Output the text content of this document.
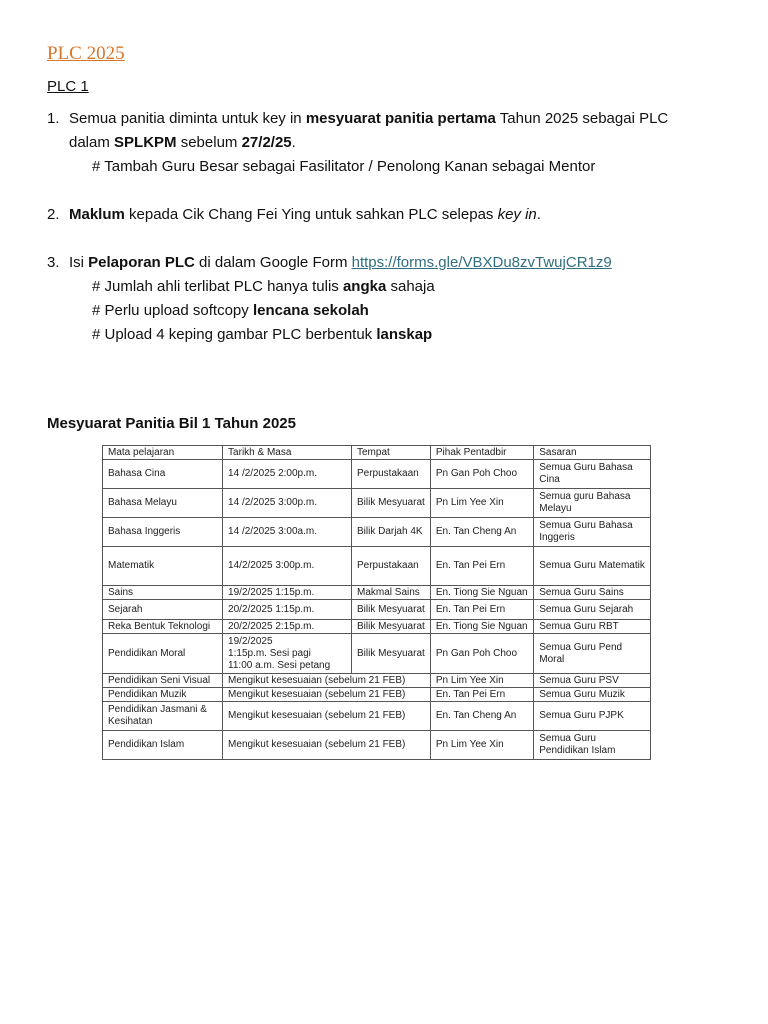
PLC 2025
PLC 1
1. Semua panitia diminta untuk key in mesyuarat panitia pertama Tahun 2025 sebagai PLC
dalam SPLKPM sebelum 27/2/25.
# Tambah Guru Besar sebagai Fasilitator / Penolong Kanan sebagai Mentor
2. Maklum kepada Cik Chang Fei Ying untuk sahkan PLC selepas key in.
3. Isi Pelaporan PLC di dalam Google Form https://forms.gle/VBXDu8zvTwujCR1z9
# Jumlah ahli terlibat PLC hanya tulis angka sahaja
# Perlu upload softcopy lencana sekolah
# Upload 4 keping gambar PLC berbentuk lanskap
Mesyuarat Panitia Bil 1 Tahun 2025
Mata pelajaran	Tarikh & Masa	Tempat	Pihak Pentadbir	Sasaran
Bahasa Cina	14 /2/2025 2:00p.m.	Perpustakaan	Pn Gan Poh Choo	Semua Guru Bahasa Cina
Bahasa Melayu	14 /2/2025 3:00p.m.	Bilik Mesyuarat	Pn Lim Yee Xin	Semua guru Bahasa Melayu
Bahasa Inggeris	14 /2/2025 3:00a.m.	Bilik Darjah 4K	En. Tan Cheng An	Semua Guru Bahasa Inggeris
Matematik	14/2/2025 3:00p.m.	Perpustakaan	En. Tan Pei Ern	Semua Guru Matematik
Sains	19/2/2025 1:15p.m.	Makmal Sains	En. Tiong Sie Nguan	Semua Guru Sains
Sejarah	20/2/2025 1:15p.m.	Bilik Mesyuarat	En. Tan Pei Ern	Semua Guru Sejarah
Reka Bentuk Teknologi	20/2/2025 2:15p.m.	Bilik Mesyuarat	En. Tiong Sie Nguan	Semua Guru RBT
Pendidikan Moral	19/2/2025
1:15p.m. Sesi pagi
11:00 a.m. Sesi petang	Bilik Mesyuarat	Pn Gan Poh Choo	Semua Guru Pend Moral
Pendidikan Seni Visual	Mengikut kesesuaian (sebelum 21 FEB)		Pn Lim Yee Xin	Semua Guru PSV
Pendidikan Muzik	Mengikut kesesuaian (sebelum 21 FEB)		En. Tan Pei Ern	Semua Guru Muzik
Pendidikan Jasmani & Kesihatan	Mengikut kesesuaian (sebelum 21 FEB)		En. Tan Cheng An	Semua Guru PJPK
Pendidikan Islam	Mengikut kesesuaian (sebelum 21 FEB)		Pn Lim Yee Xin	Semua Guru Pendidikan Islam
